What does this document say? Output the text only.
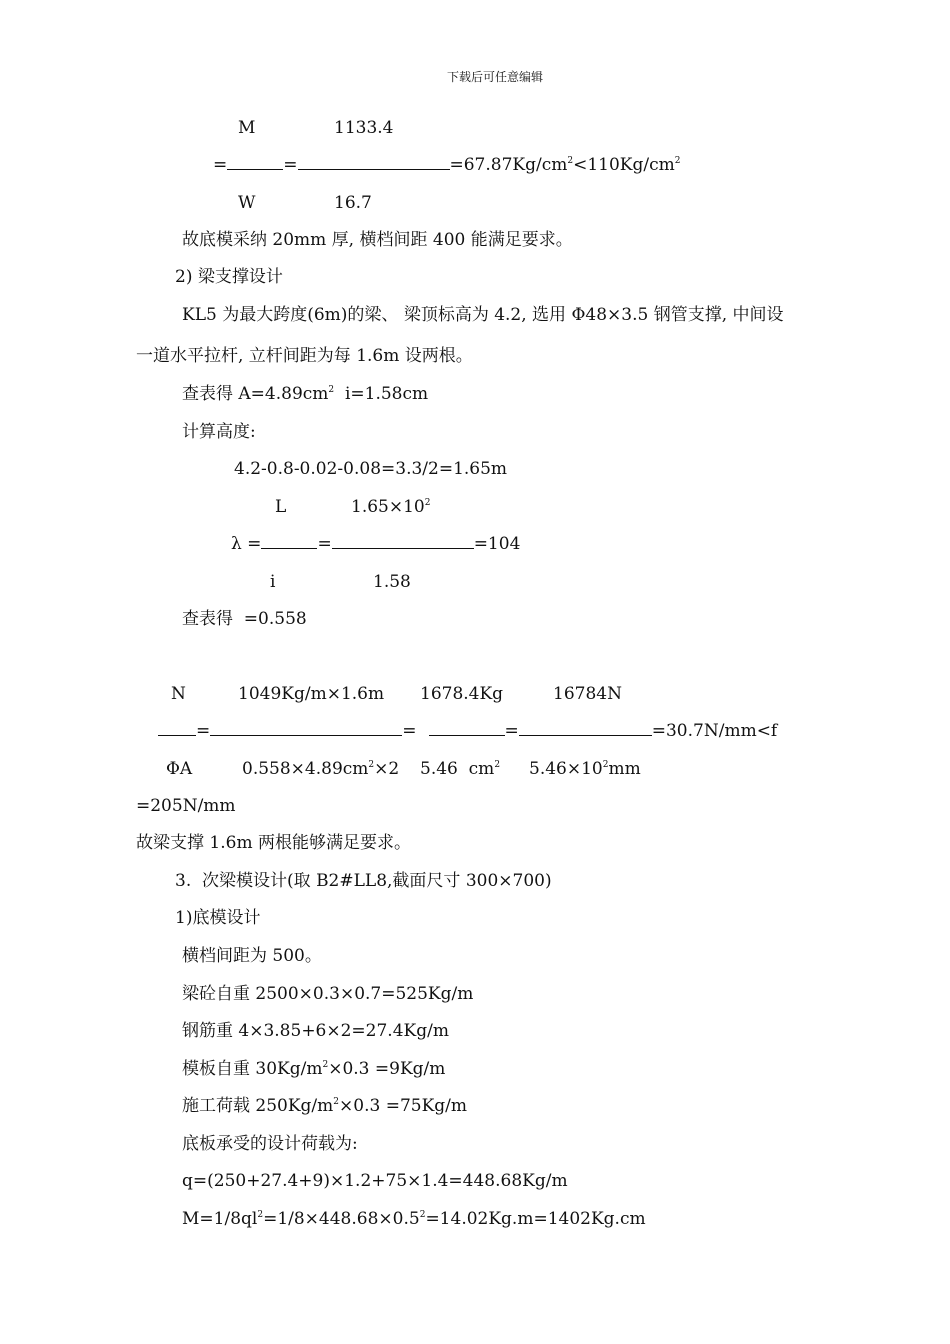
下载后可任意编辑
M	1133.4
=	=	$=67.87Kg/cm^2<110Kg/cm^2$
W	16.7
故底模采纳 20mm 厚, 横档间距 400 能满足要求。
2) 梁支撑设计
KL5 为最大跨度(6m)的梁、 梁顶标高为 4.2, 选用 Φ48×3.5 钢管支撑, 中间设
一道水平拉杆, 立杆间距为每 1.6m 设两根。
查表得 $A=4.89cm^2$  i=1.58cm
计算高度:
4.2-0.8-0.02-0.08=3.3/2=1.65m
L	$1.65\times 10^2$
λ =	=	=104
i	1.58
查表得  =0.558
N	1049Kg/m×1.6m 1678.4Kg	16784N
=	=	=	=30.7N/mm<f
ΦA	$0.558\times 4.89cm^2\times 2$ 5.46  $cm^2$ $5.46\times 10^2mm$
=205N/mm
故梁支撑 1.6m 两根能够满足要求。
3.  次梁模设计(取 B2#LL8,截面尺寸 300×700)
1)底模设计
横档间距为 500。
梁砼自重 2500×0.3×0.7=525Kg/m
钢筋重 4×3.85+6×2=27.4Kg/m
模板自重 $30Kg/m^2\times 0.3 =9Kg/m$
施工荷载 $250Kg/m^2\times 0.3 =75Kg/m$
底板承受的设计荷载为:
q=(250+27.4+9)×1.2+75×1.4=448.68Kg/m
$M=1/8ql^2=1/8\times 448.68\times 0.5^2=14.02Kg.m=1402Kg.cm$
